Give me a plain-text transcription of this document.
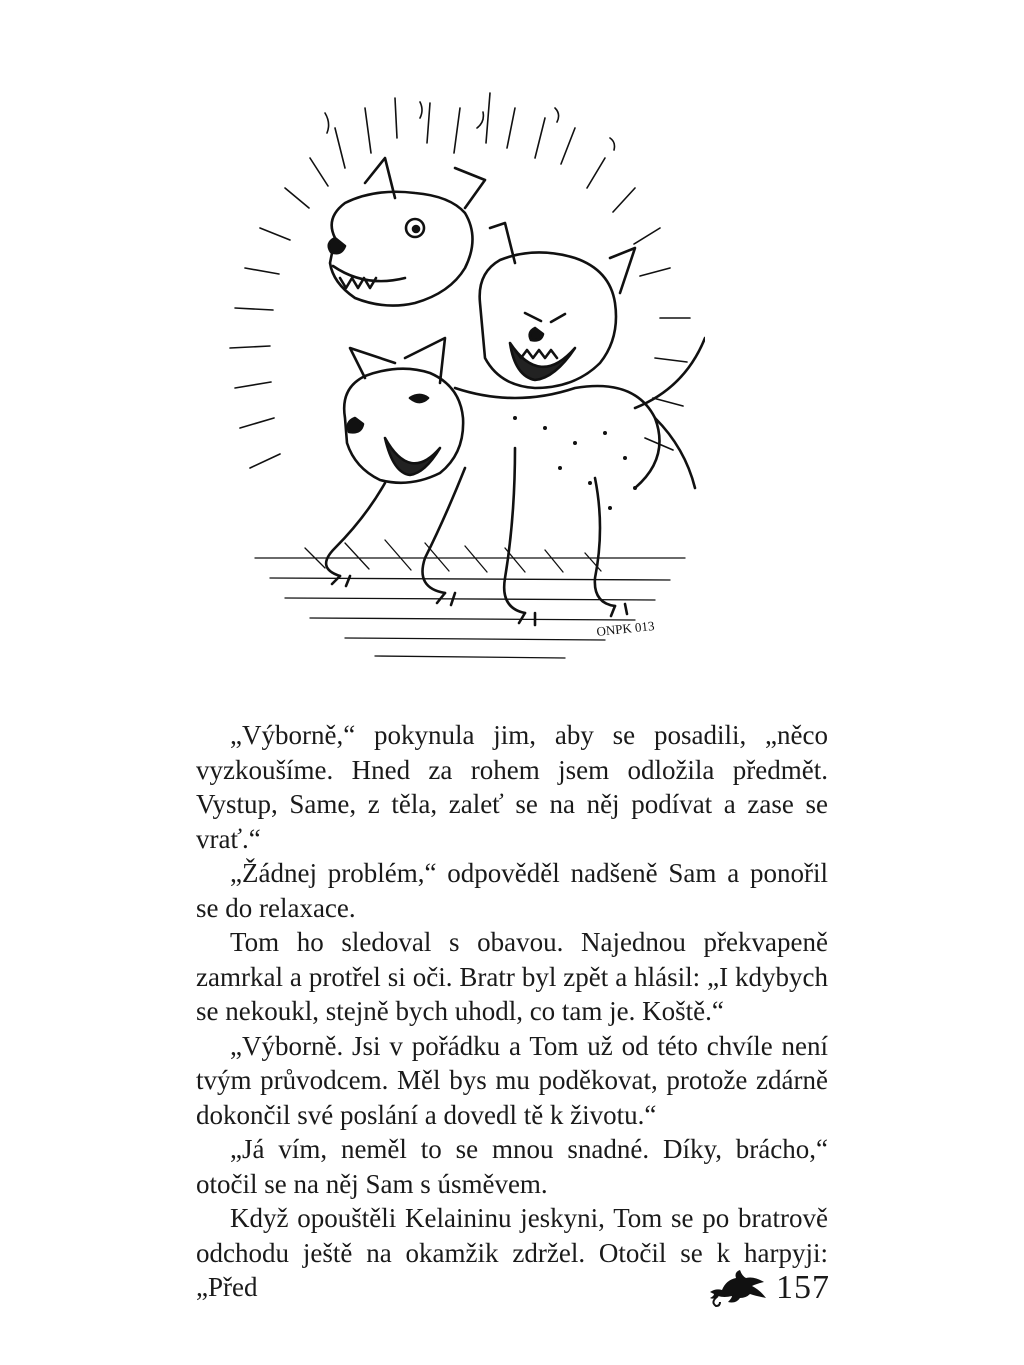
ONPK 013

„Výborně,“ pokynula jim, aby se posadili, „něco vyzkoušíme. Hned za rohem jsem odložila předmět. Vystup, Same, z těla, zaleť se na něj podívat a zase se vrať.“

„Žádnej problém,“ odpověděl nadšeně Sam a ponořil se do relaxace.

Tom ho sledoval s obavou. Najednou překvapeně zamrkal a protřel si oči. Bratr byl zpět a hlásil: „I kdybych se nekoukl, stejně bych uhodl, co tam je. Koště.“

„Výborně. Jsi v pořádku a Tom už od této chvíle není tvým průvodcem. Měl bys mu poděkovat, protože zdárně dokončil své poslání a dovedl tě k životu.“

„Já vím, neměl to se mnou snadné. Díky, brácho,“ otočil se na něj Sam s úsměvem.

Když opouštěli Kelaininu jeskyni, Tom se po bratrově odchodu ještě na okamžik zdržel. Otočil se k harpyji: „Před	157
